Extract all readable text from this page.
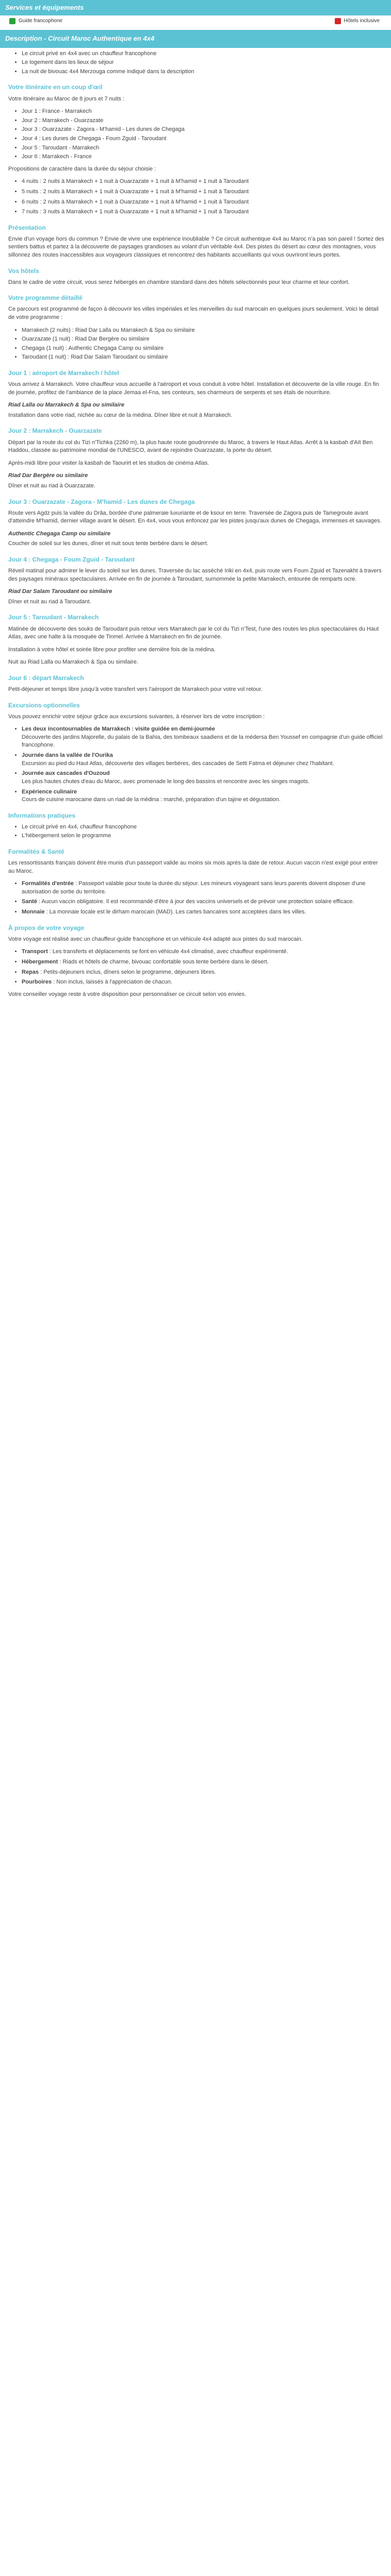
Services et équipements
Guide francophone	Hôtels inclusive
Description - Circuit Maroc Authentique en 4x4
• Le circuit privé en 4x4 avec un chauffeur francophone
• Le logement dans les lieux de séjour
• La nuit de bivouac 4x4 Merzouga comme indiqué dans la description
Votre itinéraire en un coup d'œil

Votre itinéraire au Maroc de 8 jours et 7 nuits :

• Jour 1 : France - Marrakech
• Jour 2 : Marrakech - Ouarzazate
• Jour 3 : Ouarzazate - Zagora - M'hamid - Les dunes de Chegaga
• Jour 4 : Les dunes de Chegaga - Foum Zguid - Taroudant
• Jour 5 : Taroudant - Marrakech
• Jour 6 : Marrakech - France

Propositions de caractère dans la durée du séjour choisie :

• 4 nuits : 2 nuits à Marrakech + 1 nuit à Ouarzazate + 1 nuit à M'hamid + 1 nuit à Taroudant
• 5 nuits : 2 nuits à Marrakech + 1 nuit à Ouarzazate + 1 nuit à M'hamid + 1 nuit à Taroudant
• 6 nuits : 2 nuits à Marrakech + 1 nuit à Ouarzazate + 1 nuit à M'hamid + 1 nuit à Taroudant
• 7 nuits : 3 nuits à Marrakech + 1 nuit à Ouarzazate + 1 nuit à M'hamid + 1 nuit à Taroudant
Présentation

Envie d'un voyage hors du commun ? Envie de vivre une expérience inoubliable ? Ce circuit authentique 4x4 au Maroc n'a pas son pareil ! Sortez des sentiers battus et partez à la découverte de paysages grandioses au volant d'un véritable 4x4. Des pistes du désert au cœur des montagnes, vous sillonnez des routes inaccessibles aux voyageurs classiques et rencontrez des habitants accueillants qui vous ouvriront leurs portes.

Vos hôtels

Dans le cadre de votre circuit, vous serez hébergés en chambre standard dans des hôtels sélectionnés pour leur charme et leur confort.

Votre programme détaillé

Ce parcours est programmé de façon à découvrir les villes impériales et les merveilles du sud marocain en quelques jours seulement. Voici le détail de votre programme :

• Marrakech (2 nuits) : Riad Dar Lalla ou Marrakech & Spa ou similaire
• Ouarzazate (1 nuit) : Riad Dar Bergère ou similaire
• Chegaga (1 nuit) : Authentic Chegaga Camp ou similaire
• Taroudant (1 nuit) : Riad Dar Salam Taroudant ou similaire
Jour 1 : aéroport de Marrakech / hôtel

Vous arrivez à Marrakech. Votre chauffeur vous accueille à l'aéroport et vous conduit à votre hôtel. Installation et découverte de la ville rouge. En fin de journée, profitez de l'ambiance de la place Jemaa el-Fna, ses conteurs, ses charmeurs de serpents et ses étals de nourriture.

Riad Lalla ou Marrakech & Spa ou similaire

Installation dans votre riad, nichée au cœur de la médina. Dîner libre et nuit à Marrakech.

Jour 2 : Marrakech - Ouarzazate

Départ par la route du col du Tizi n'Tichka (2260 m), la plus haute route goudronnée du Maroc, à travers le Haut Atlas. Arrêt à la kasbah d'Aït Ben Haddou, classée au patrimoine mondial de l'UNESCO, avant de rejoindre Ouarzazate, la porte du désert.

Après-midi libre pour visiter la kasbah de Taourirt et les studios de cinéma Atlas.

Riad Dar Bergère ou similaire

Dîner et nuit au riad à Ouarzazate.

Jour 3 : Ouarzazate - Zagora - M'hamid - Les dunes de Chegaga

Route vers Agdz puis la vallée du Drâa, bordée d'une palmeraie luxuriante et de ksour en terre. Traversée de Zagora puis de Tamegroute avant d'atteindre M'hamid, dernier village avant le désert. En 4x4, vous vous enfoncez par les pistes jusqu'aux dunes de Chegaga, immenses et sauvages.

Authentic Chegaga Camp ou similaire

Coucher de soleil sur les dunes, dîner et nuit sous tente berbère dans le désert.

Jour 4 : Chegaga - Foum Zguid - Taroudant

Réveil matinal pour admirer le lever du soleil sur les dunes. Traversée du lac asséché Iriki en 4x4, puis route vers Foum Zguid et Tazenakht à travers des paysages minéraux spectaculaires. Arrivée en fin de journée à Taroudant, surnommée la petite Marrakech, entourée de remparts ocre.

Riad Dar Salam Taroudant ou similaire

Dîner et nuit au riad à Taroudant.

Jour 5 : Taroudant - Marrakech

Matinée de découverte des souks de Taroudant puis retour vers Marrakech par le col du Tizi n'Test, l'une des routes les plus spectaculaires du Haut Atlas, avec une halte à la mosquée de Tinmel. Arrivée à Marrakech en fin de journée.

Installation à votre hôtel et soirée libre pour profiter une dernière fois de la médina.

Nuit au Riad Lalla ou Marrakech & Spa ou similaire.

Jour 6 : départ Marrakech

Petit-déjeuner et temps libre jusqu'à votre transfert vers l'aéroport de Marrakech pour votre vol retour.

Excursions optionnelles

Vous pouvez enrichir votre séjour grâce aux excursions suivantes, à réserver lors de votre inscription :

• Les deux incontournables de Marrakech : visite guidée en demi-journée
Découverte des jardins Majorelle, du palais de la Bahia, des tombeaux saadiens et de la médersa Ben Youssef en compagnie d'un guide officiel francophone.
• Journée dans la vallée de l'Ourika
Excursion au pied du Haut Atlas, découverte des villages berbères, des cascades de Setti Fatma et déjeuner chez l'habitant.
• Journée aux cascades d'Ouzoud
Les plus hautes chutes d'eau du Maroc, avec promenade le long des bassins et rencontre avec les singes magots.
• Expérience culinaire
Cours de cuisine marocaine dans un riad de la médina : marché, préparation d'un tajine et dégustation.
Informations pratiques
• Le circuit privé en 4x4, chauffeur francophone
• L'hébergement selon le programme
Formalités & Santé

Les ressortissants français doivent être munis d'un passeport valide au moins six mois après la date de retour. Aucun vaccin n'est exigé pour entrer au Maroc.

• Formalités d'entrée : Passeport valable pour toute la durée du séjour. Les mineurs voyageant sans leurs parents doivent disposer d'une autorisation de sortie du territoire.
• Santé : Aucun vaccin obligatoire. Il est recommandé d'être à jour des vaccins universels et de prévoir une protection solaire efficace.
• Monnaie : La monnaie locale est le dirham marocain (MAD). Les cartes bancaires sont acceptées dans les villes.
À propos de votre voyage

Votre voyage est réalisé avec un chauffeur-guide francophone et un véhicule 4x4 adapté aux pistes du sud marocain.

• Transport : Les transferts et déplacements se font en véhicule 4x4 climatisé, avec chauffeur expérimenté.
• Hébergement : Riads et hôtels de charme, bivouac confortable sous tente berbère dans le désert.
• Repas : Petits-déjeuners inclus, dîners selon le programme, déjeuners libres.
• Pourboires : Non inclus, laissés à l'appréciation de chacun.

Votre conseiller voyage reste à votre disposition pour personnaliser ce circuit selon vos envies.
